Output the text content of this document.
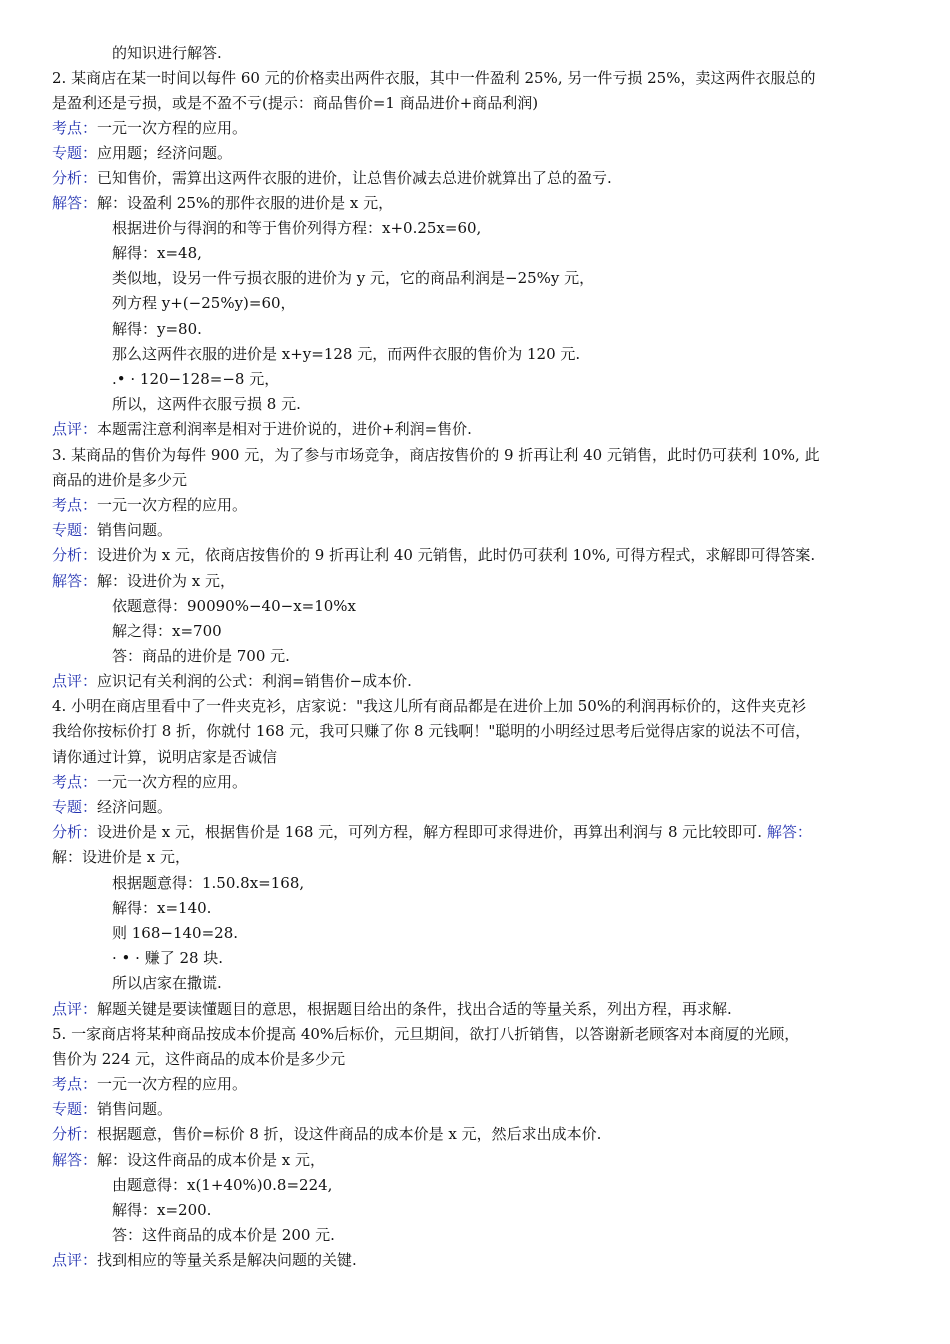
的知识进行解答.
2. 某商店在某一时间以每件 60 元的价格卖出两件衣服，其中一件盈利 25%, 另一件亏损 25%，卖这两件衣服总的
是盈利还是亏损，或是不盈不亏(提示：商品售价=1 商品进价+商品利润)
考点：一元一次方程的应用。
专题：应用题；经济问题。
分析：已知售价，需算出这两件衣服的进价，让总售价减去总进价就算出了总的盈亏.
解答：解：设盈利 25%的那件衣服的进价是 x 元，
根据进价与得润的和等于售价列得方程：x+0.25x=60,
解得：x=48,
类似地，设另一件亏损衣服的进价为 y 元，它的商品利润是−25%y 元，
列方程 y+(−25%y)=60，
解得：y=80.
那么这两件衣服的进价是 x+y=128 元，而两件衣服的售价为 120 元.
.• · 120−128=−8 元，
所以，这两件衣服亏损 8 元.
点评：本题需注意利润率是相对于进价说的，进价+利润=售价.
3. 某商品的售价为每件 900 元，为了参与市场竞争，商店按售价的 9 折再让利 40 元销售，此时仍可获利 10%, 此
商品的进价是多少元
考点：一元一次方程的应用。
专题：销售问题。
分析：设进价为 x 元，依商店按售价的 9 折再让利 40 元销售，此时仍可获利 10%, 可得方程式，求解即可得答案.
解答：解：设进价为 x 元，
依题意得：90090%−40−x=10%x
解之得：x=700
答：商品的进价是 700 元.
点评：应识记有关利润的公式：利润=销售价−成本价.
4. 小明在商店里看中了一件夹克衫，店家说："我这儿所有商品都是在进价上加 50%的利润再标价的，这件夹克衫
我给你按标价打 8 折，你就付 168 元，我可只赚了你 8 元钱啊！"聪明的小明经过思考后觉得店家的说法不可信，
请你通过计算，说明店家是否诚信
考点：一元一次方程的应用。
专题：经济问题。
分析：设进价是 x 元，根据售价是 168 元，可列方程，解方程即可求得进价，再算出利润与 8 元比较即可. 解答：
解：设进价是 x 元，
根据题意得：1.50.8x=168,
解得：x=140.
则 168−140=28.
· • · 赚了 28 块.
所以店家在撒谎.
点评：解题关键是要读懂题目的意思，根据题目给出的条件，找出合适的等量关系，列出方程，再求解.
5. 一家商店将某种商品按成本价提高 40%后标价，元旦期间，欲打八折销售，以答谢新老顾客对本商厦的光顾，
售价为 224 元，这件商品的成本价是多少元
考点：一元一次方程的应用。
专题：销售问题。
分析：根据题意，售价=标价 8 折，设这件商品的成本价是 x 元，然后求出成本价.
解答：解：设这件商品的成本价是 x 元，
由题意得：x(1+40%)0.8=224,
解得：x=200.
答：这件商品的成本价是 200 元.
点评：找到相应的等量关系是解决问题的关键.
